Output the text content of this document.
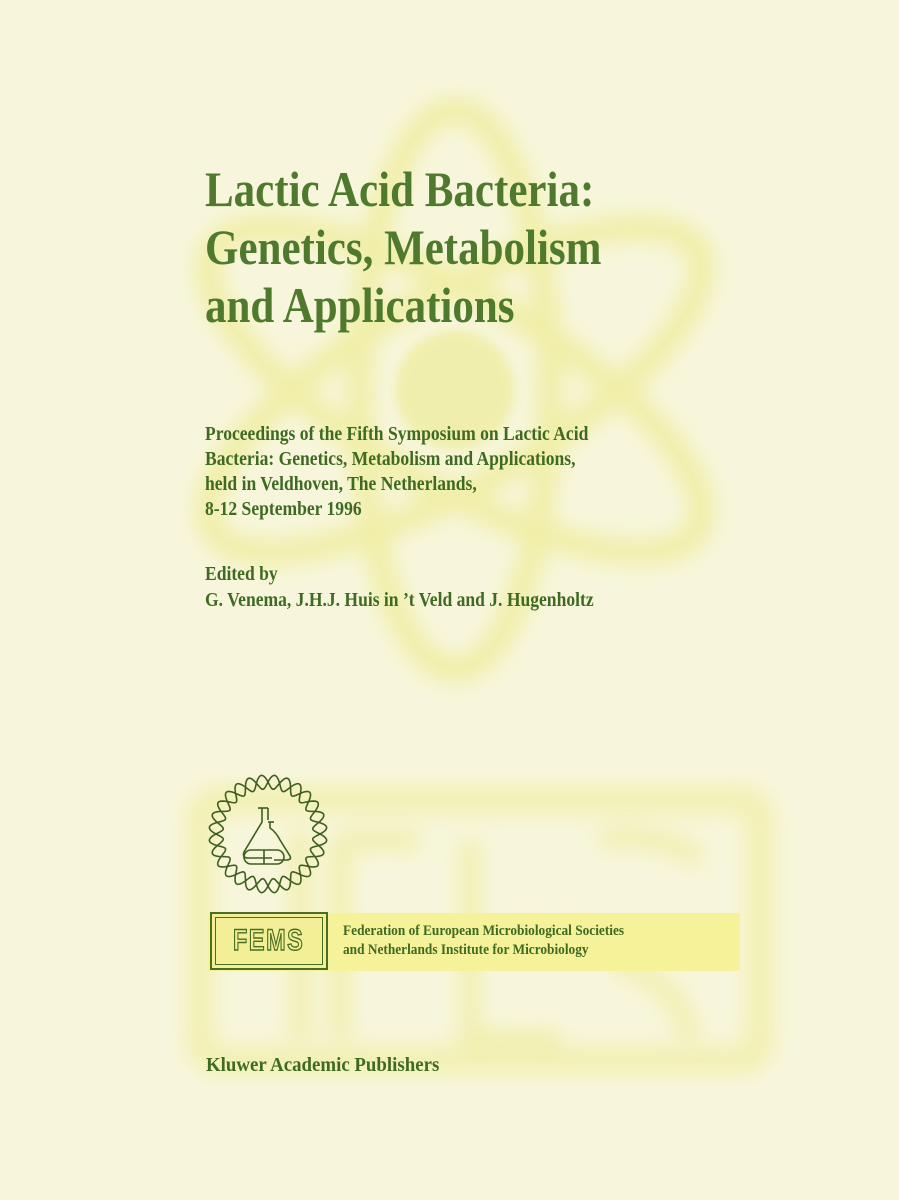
Lactic Acid Bacteria:
Genetics, Metabolism
and Applications
Proceedings of the Fifth Symposium on Lactic Acid
Bacteria: Genetics, Metabolism and Applications,
held in Veldhoven, The Netherlands,
8-12 September 1996
Edited by
G. Venema, J.H.J. Huis in ’t Veld and J. Hugenholtz
FEMS	Federation of European Microbiological Societies
and Netherlands Institute for Microbiology
Kluwer Academic Publishers
